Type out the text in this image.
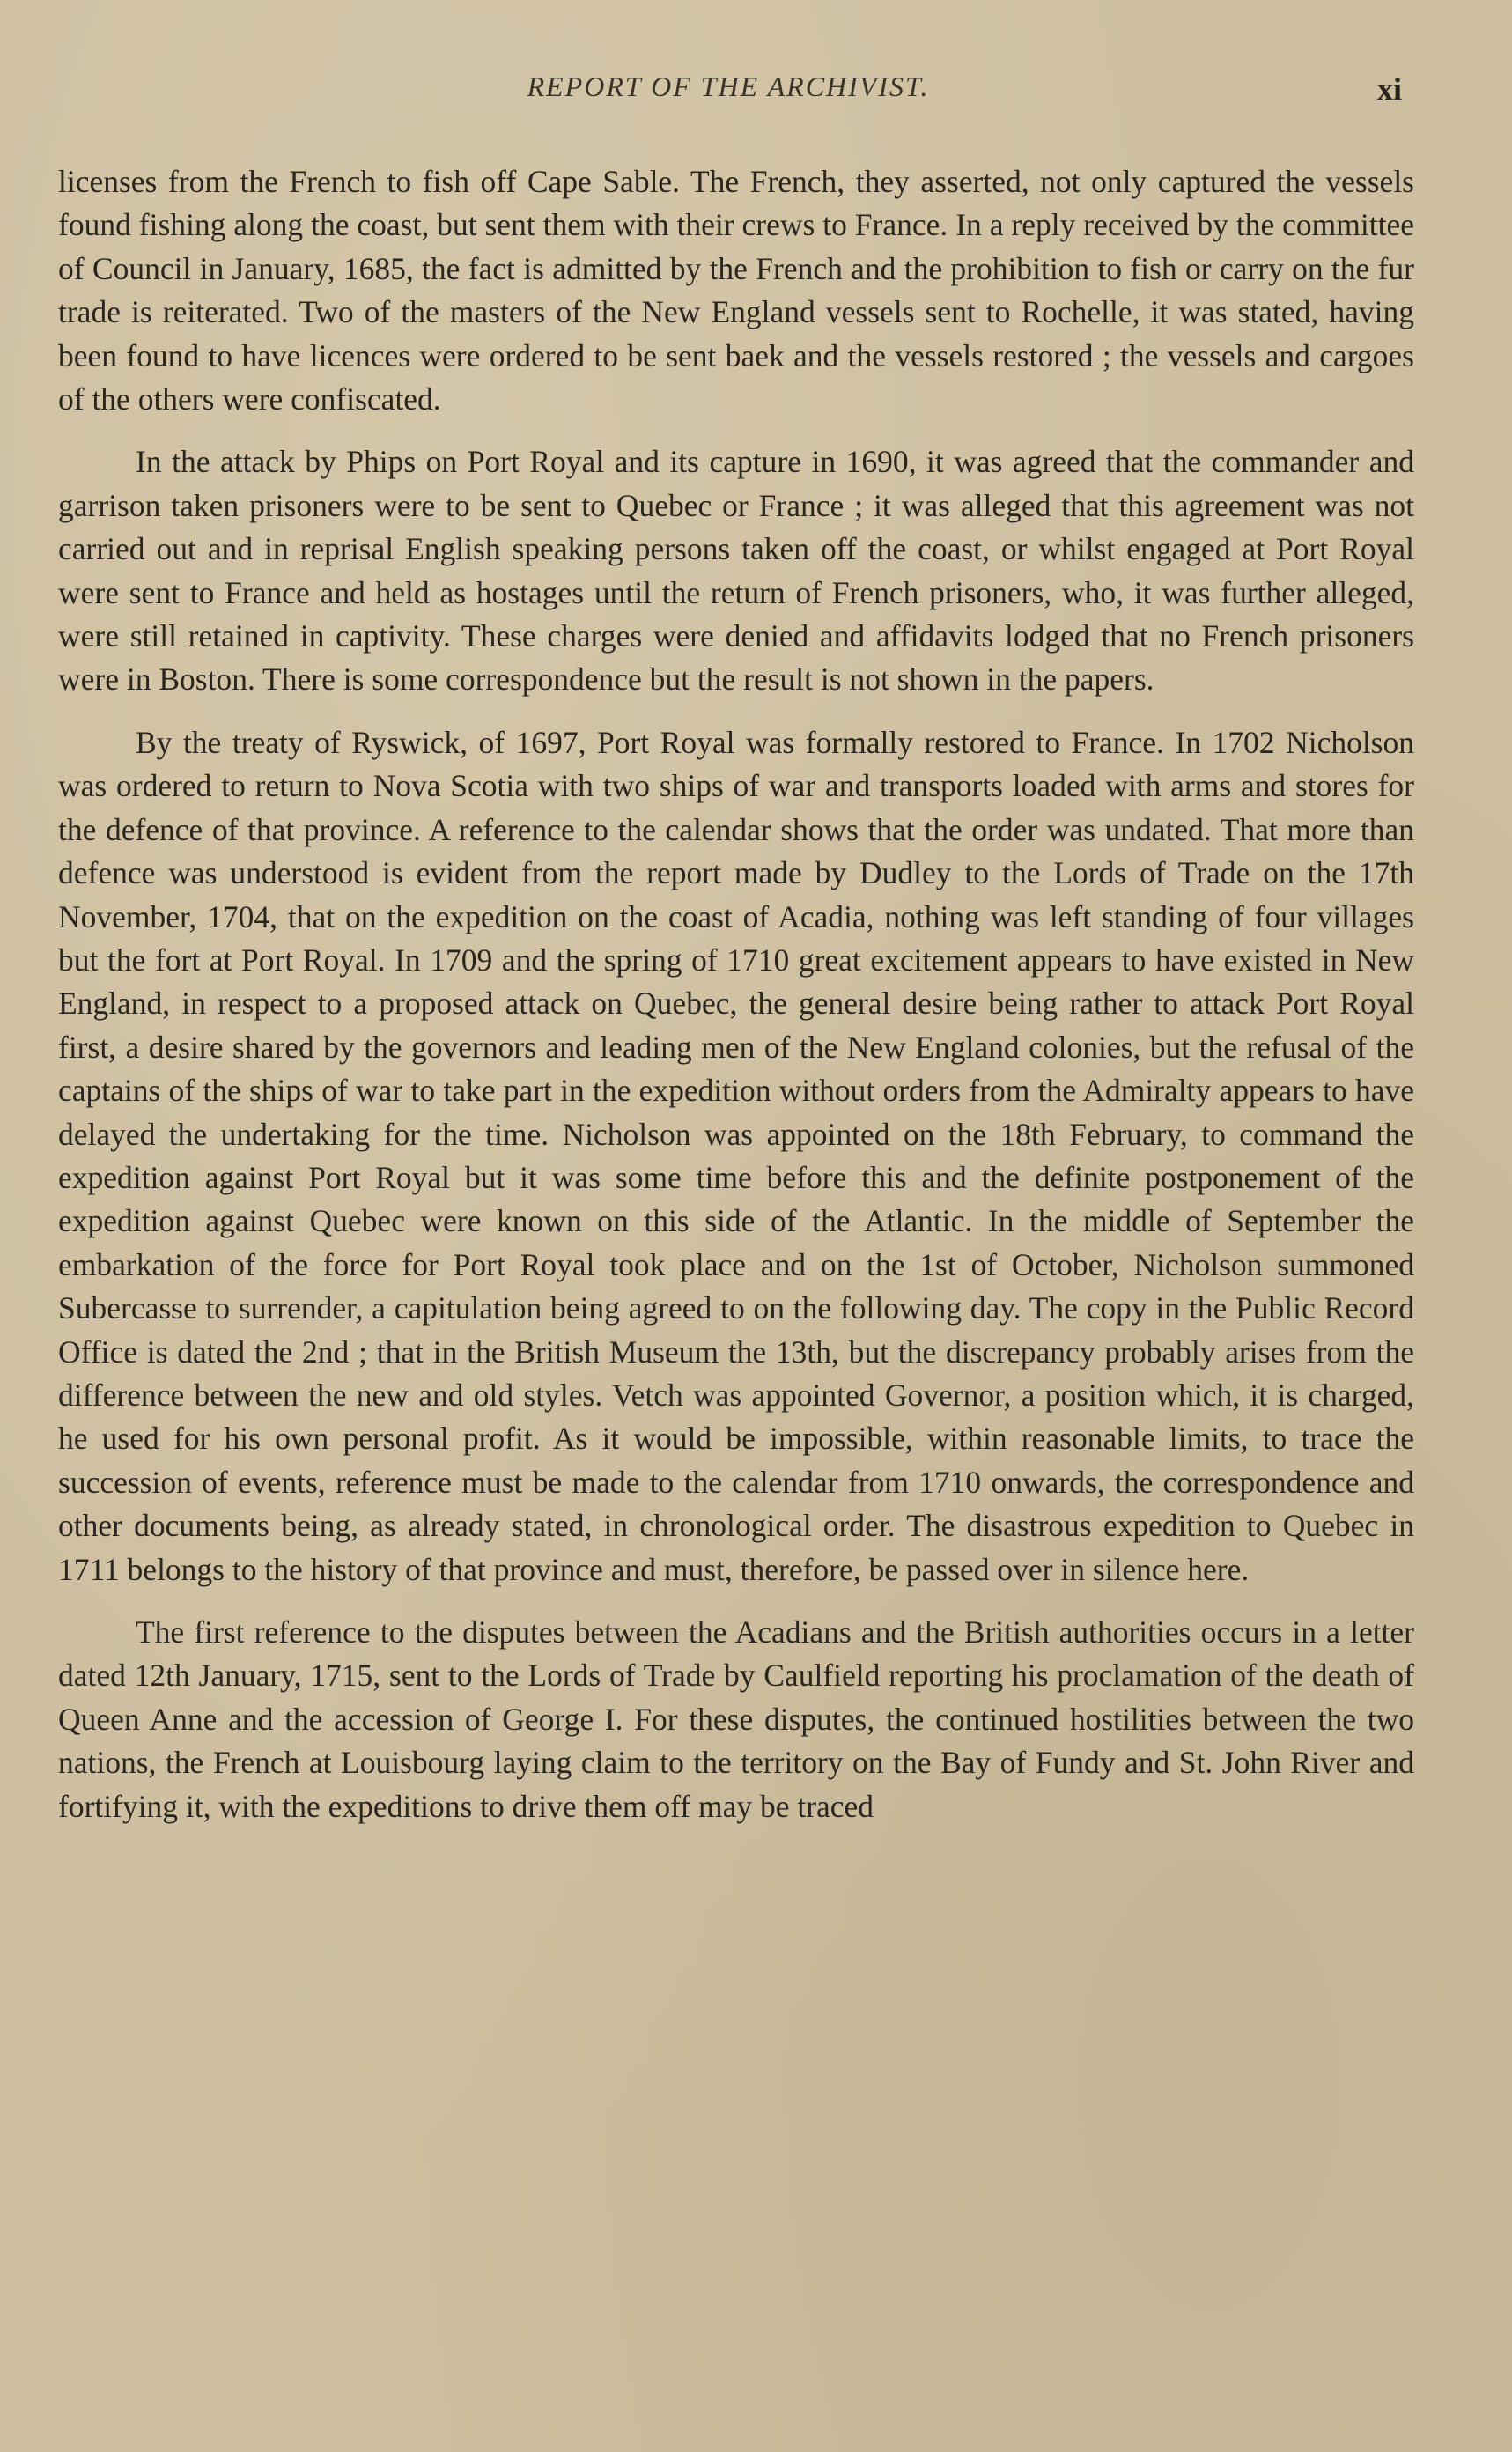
REPORT OF THE ARCHIVIST.	xi

licenses from the French to fish off Cape Sable. The French, they asserted, not only captured the vessels found fishing along the coast, but sent them with their crews to France. In a reply received by the committee of Council in January, 1685, the fact is admitted by the French and the prohibition to fish or carry on the fur trade is reiterated. Two of the masters of the New England vessels sent to Rochelle, it was stated, having been found to have licences were ordered to be sent baek and the vessels restored ; the vessels and cargoes of the others were confiscated.

In the attack by Phips on Port Royal and its capture in 1690, it was agreed that the commander and garrison taken prisoners were to be sent to Quebec or France ; it was alleged that this agreement was not carried out and in reprisal English speaking persons taken off the coast, or whilst engaged at Port Royal were sent to France and held as hostages until the return of French prisoners, who, it was further alleged, were still retained in captivity. These charges were denied and affidavits lodged that no French prisoners were in Boston. There is some correspondence but the result is not shown in the papers.

By the treaty of Ryswick, of 1697, Port Royal was formally restored to France. In 1702 Nicholson was ordered to return to Nova Scotia with two ships of war and transports loaded with arms and stores for the defence of that province. A reference to the calendar shows that the order was undated. That more than defence was understood is evident from the report made by Dudley to the Lords of Trade on the 17th November, 1704, that on the expedition on the coast of Acadia, nothing was left standing of four villages but the fort at Port Royal. In 1709 and the spring of 1710 great excitement appears to have existed in New England, in respect to a proposed attack on Quebec, the general desire being rather to attack Port Royal first, a desire shared by the governors and leading men of the New England colonies, but the refusal of the captains of the ships of war to take part in the expedition without orders from the Admiralty appears to have delayed the undertaking for the time. Nicholson was appointed on the 18th February, to command the expedition against Port Royal but it was some time before this and the definite postponement of the expedition against Quebec were known on this side of the Atlantic. In the middle of September the embarkation of the force for Port Royal took place and on the 1st of October, Nicholson summoned Subercasse to surrender, a capitulation being agreed to on the following day. The copy in the Public Record Office is dated the 2nd ; that in the British Museum the 13th, but the discrepancy probably arises from the difference between the new and old styles. Vetch was appointed Governor, a position which, it is charged, he used for his own personal profit. As it would be impossible, within reasonable limits, to trace the succession of events, reference must be made to the calendar from 1710 onwards, the correspondence and other documents being, as already stated, in chronological order. The disastrous expedition to Quebec in 1711 belongs to the history of that province and must, therefore, be passed over in silence here.

The first reference to the disputes between the Acadians and the British authorities occurs in a letter dated 12th January, 1715, sent to the Lords of Trade by Caulfield reporting his proclamation of the death of Queen Anne and the accession of George I. For these disputes, the continued hostilities between the two nations, the French at Louisbourg laying claim to the territory on the Bay of Fundy and St. John River and fortifying it, with the expeditions to drive them off may be traced
